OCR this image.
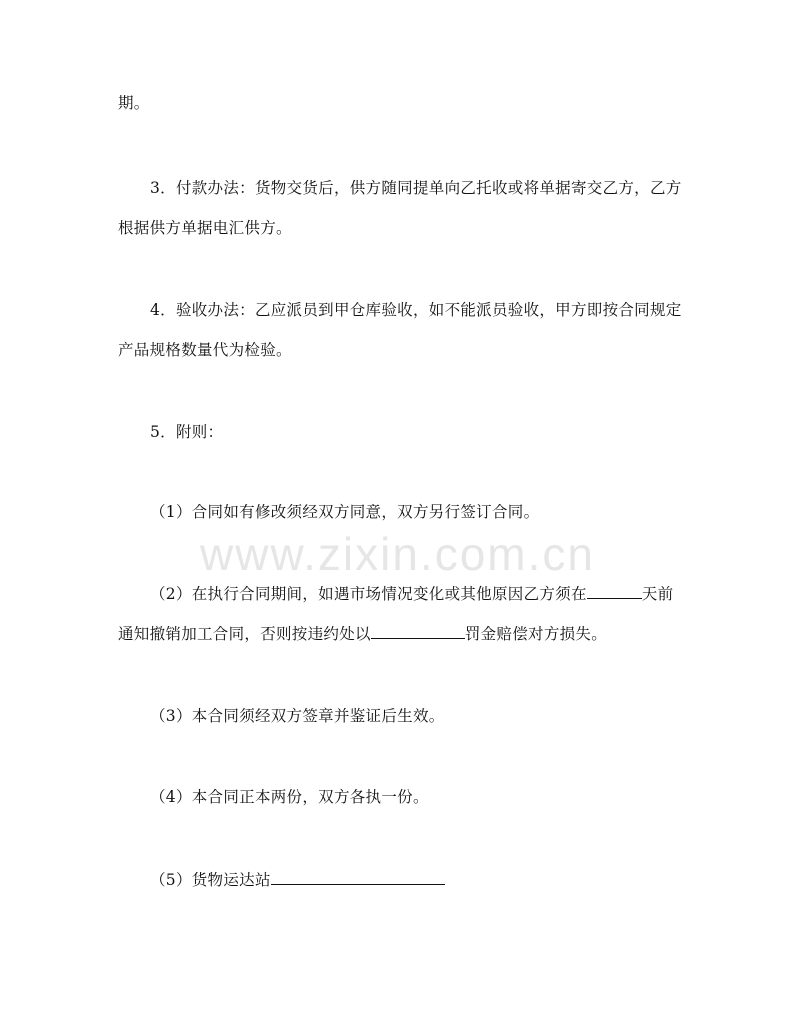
www.zixin.com.cn
期。
3．付款办法：货物交货后，供方随同提单向乙托收或将单据寄交乙方，乙方
根据供方单据电汇供方。
4．验收办法：乙应派员到甲仓库验收，如不能派员验收，甲方即按合同规定
产品规格数量代为检验。
5．附则：
（1）合同如有修改须经双方同意，双方另行签订合同。
（2）在执行合同期间，如遇市场情况变化或其他原因乙方须在	天前
通知撤销加工合同，否则按违约处以	罚金赔偿对方损失。
（3）本合同须经双方签章并鉴证后生效。
（4）本合同正本两份，双方各执一份。
（5）货物运达站
